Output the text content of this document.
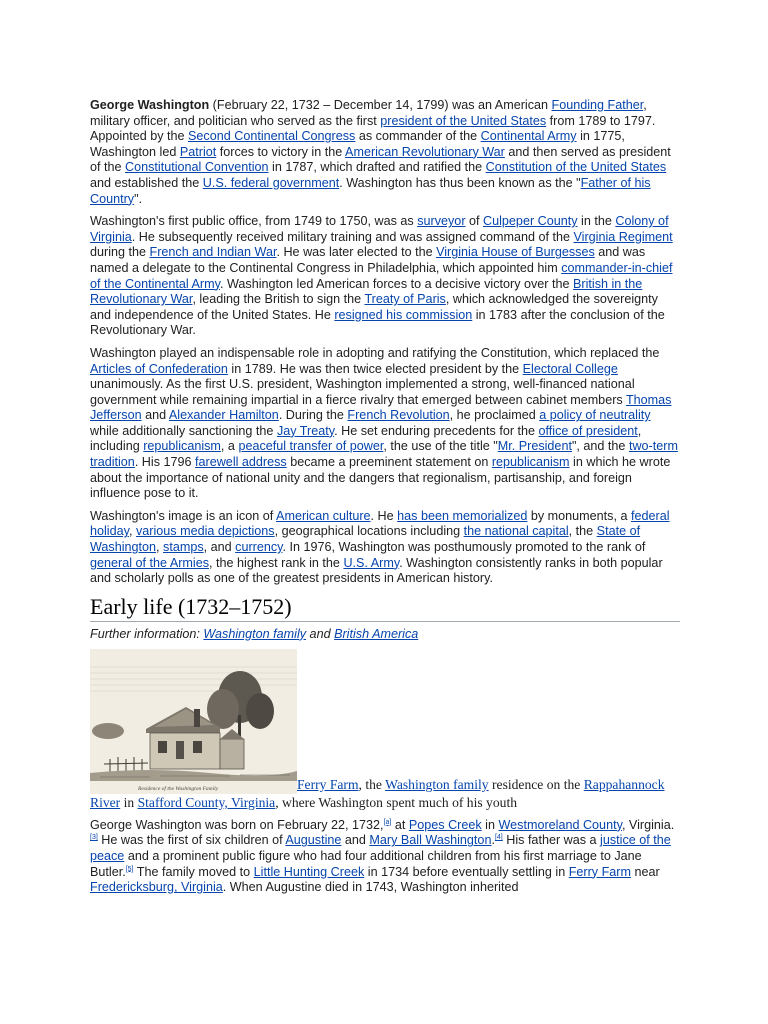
George Washington (February 22, 1732 – December 14, 1799) was an American Founding Father, military officer, and politician who served as the first president of the United States from 1789 to 1797. Appointed by the Second Continental Congress as commander of the Continental Army in 1775, Washington led Patriot forces to victory in the American Revolutionary War and then served as president of the Constitutional Convention in 1787, which drafted and ratified the Constitution of the United States and established the U.S. federal government. Washington has thus been known as the "Father of his Country".

Washington's first public office, from 1749 to 1750, was as surveyor of Culpeper County in the Colony of Virginia. He subsequently received military training and was assigned command of the Virginia Regiment during the French and Indian War. He was later elected to the Virginia House of Burgesses and was named a delegate to the Continental Congress in Philadelphia, which appointed him commander-in-chief of the Continental Army. Washington led American forces to a decisive victory over the British in the Revolutionary War, leading the British to sign the Treaty of Paris, which acknowledged the sovereignty and independence of the United States. He resigned his commission in 1783 after the conclusion of the Revolutionary War.

Washington played an indispensable role in adopting and ratifying the Constitution, which replaced the Articles of Confederation in 1789. He was then twice elected president by the Electoral College unanimously. As the first U.S. president, Washington implemented a strong, well-financed national government while remaining impartial in a fierce rivalry that emerged between cabinet members Thomas Jefferson and Alexander Hamilton. During the French Revolution, he proclaimed a policy of neutrality while additionally sanctioning the Jay Treaty. He set enduring precedents for the office of president, including republicanism, a peaceful transfer of power, the use of the title "Mr. President", and the two-term tradition. His 1796 farewell address became a preeminent statement on republicanism in which he wrote about the importance of national unity and the dangers that regionalism, partisanship, and foreign influence pose to it.

Washington's image is an icon of American culture. He has been memorialized by monuments, a federal holiday, various media depictions, geographical locations including the national capital, the State of Washington, stamps, and currency. In 1976, Washington was posthumously promoted to the rank of general of the Armies, the highest rank in the U.S. Army. Washington consistently ranks in both popular and scholarly polls as one of the greatest presidents in American history.

Early life (1732–1752)
Further information: Washington family and British America
Residence of the Washington Family	Ferry Farm, the Washington family residence on the Rappahannock River in Stafford County, Virginia, where Washington spent much of his youth

George Washington was born on February 22, 1732,[a] at Popes Creek in Westmoreland County, Virginia.[3] He was the first of six children of Augustine and Mary Ball Washington.[4] His father was a justice of the peace and a prominent public figure who had four additional children from his first marriage to Jane Butler.[5] The family moved to Little Hunting Creek in 1734 before eventually settling in Ferry Farm near Fredericksburg, Virginia. When Augustine died in 1743, Washington inherited
